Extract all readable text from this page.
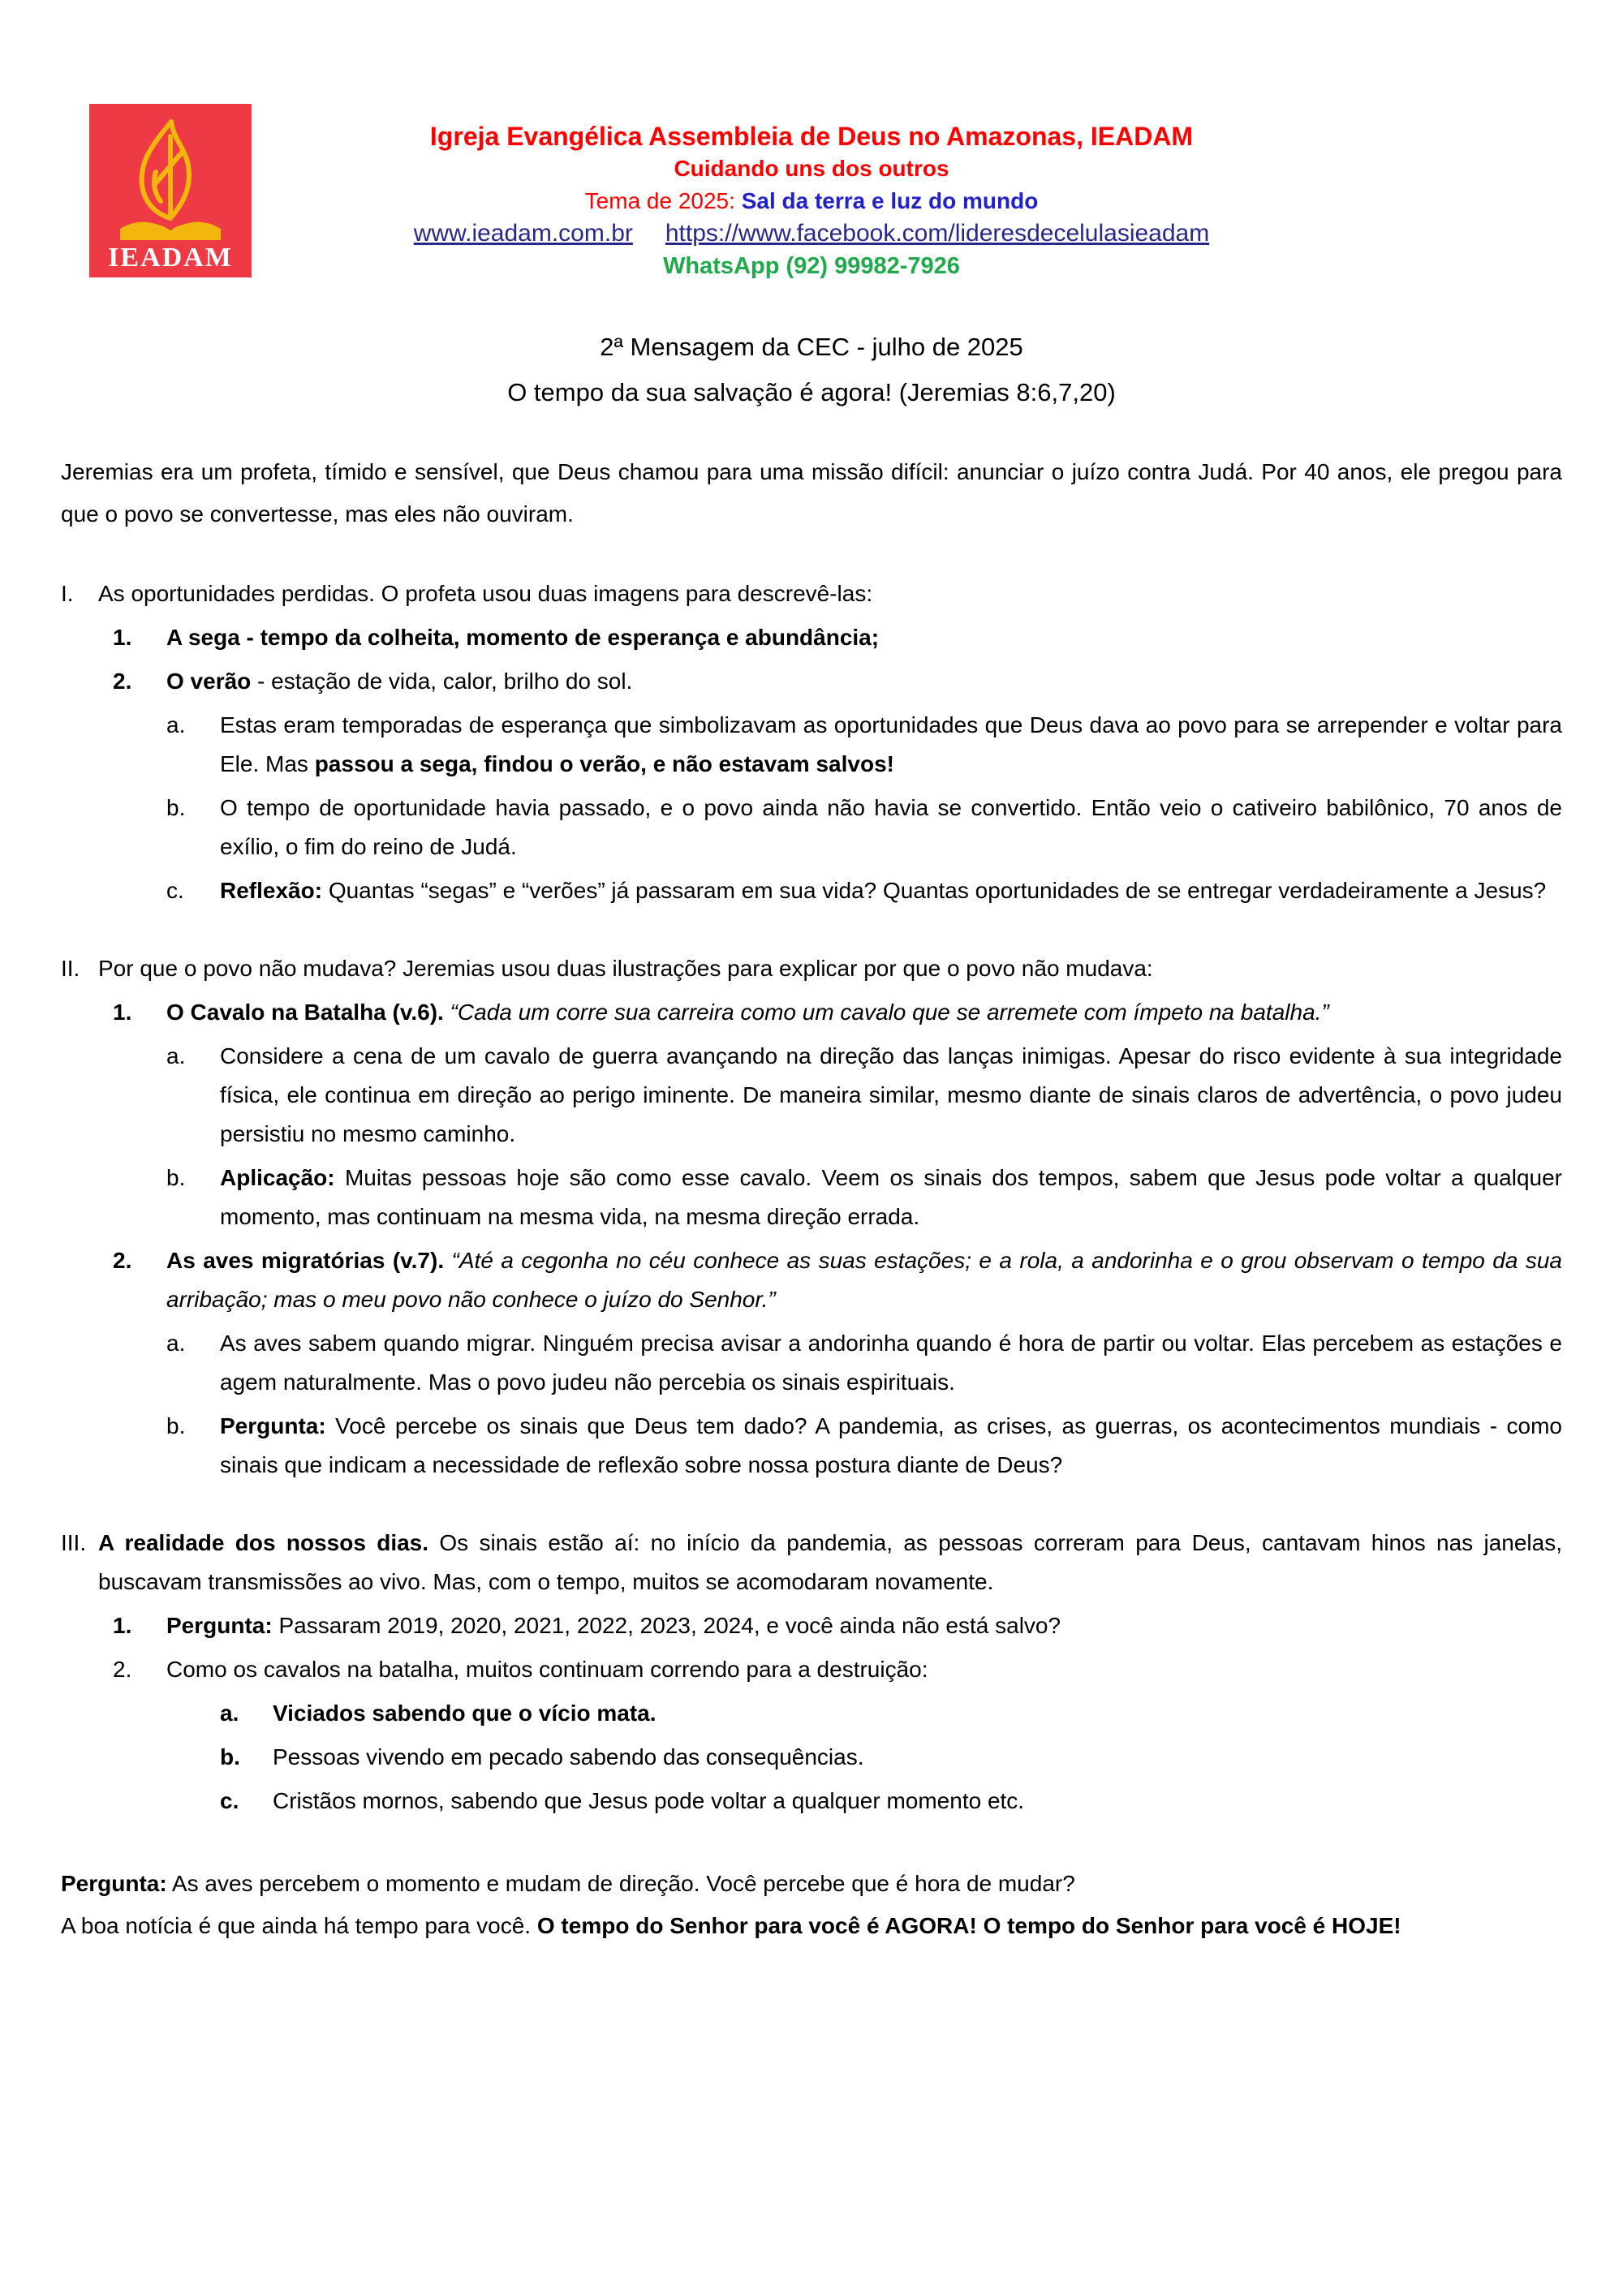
IEADAM
Igreja Evangélica Assembleia de Deus no Amazonas, IEADAM
Cuidando uns dos outros
Tema de 2025: Sal da terra e luz do mundo
www.ieadam.com.br https://www.facebook.com/lideresdecelulasieadam
WhatsApp (92) 99982-7926
2ª Mensagem da CEC - julho de 2025
O tempo da sua salvação é agora! (Jeremias 8:6,7,20)
Jeremias era um profeta, tímido e sensível, que Deus chamou para uma missão difícil: anunciar o juízo contra Judá. Por 40 anos, ele pregou para que o povo se convertesse, mas eles não ouviram.
I.	As oportunidades perdidas. O profeta usou duas imagens para descrevê-las:
1.	A sega - tempo da colheita, momento de esperança e abundância;
2.	O verão - estação de vida, calor, brilho do sol.
a.	Estas eram temporadas de esperança que simbolizavam as oportunidades que Deus dava ao povo para se arrepender e voltar para Ele. Mas passou a sega, findou o verão, e não estavam salvos!
b.	O tempo de oportunidade havia passado, e o povo ainda não havia se convertido. Então veio o cativeiro babilônico, 70 anos de exílio, o fim do reino de Judá.
c.	Reflexão: Quantas “segas” e “verões” já passaram em sua vida? Quantas oportunidades de se entregar verdadeiramente a Jesus?
II. Por que o povo não mudava? Jeremias usou duas ilustrações para explicar por que o povo não mudava:
1.	O Cavalo na Batalha (v.6). “Cada um corre sua carreira como um cavalo que se arremete com ímpeto na batalha.”
a.	Considere a cena de um cavalo de guerra avançando na direção das lanças inimigas. Apesar do risco evidente à sua integridade física, ele continua em direção ao perigo iminente. De maneira similar, mesmo diante de sinais claros de advertência, o povo judeu persistiu no mesmo caminho.
b.	Aplicação: Muitas pessoas hoje são como esse cavalo. Veem os sinais dos tempos, sabem que Jesus pode voltar a qualquer momento, mas continuam na mesma vida, na mesma direção errada.
2.	As aves migratórias (v.7). “Até a cegonha no céu conhece as suas estações; e a rola, a andorinha e o grou observam o tempo da sua arribação; mas o meu povo não conhece o juízo do Senhor.”
a.	As aves sabem quando migrar. Ninguém precisa avisar a andorinha quando é hora de partir ou voltar. Elas percebem as estações e agem naturalmente. Mas o povo judeu não percebia os sinais espirituais.
b.	Pergunta: Você percebe os sinais que Deus tem dado? A pandemia, as crises, as guerras, os acontecimentos mundiais - como sinais que indicam a necessidade de reflexão sobre nossa postura diante de Deus?
III. A realidade dos nossos dias. Os sinais estão aí: no início da pandemia, as pessoas correram para Deus, cantavam hinos nas janelas, buscavam transmissões ao vivo. Mas, com o tempo, muitos se acomodaram novamente.
1.	Pergunta: Passaram 2019, 2020, 2021, 2022, 2023, 2024, e você ainda não está salvo?
2.	Como os cavalos na batalha, muitos continuam correndo para a destruição:
a.	Viciados sabendo que o vício mata.
b.	Pessoas vivendo em pecado sabendo das consequências.
c.	Cristãos mornos, sabendo que Jesus pode voltar a qualquer momento etc.
Pergunta: As aves percebem o momento e mudam de direção. Você percebe que é hora de mudar?
A boa notícia é que ainda há tempo para você. O tempo do Senhor para você é AGORA! O tempo do Senhor para você é HOJE!
